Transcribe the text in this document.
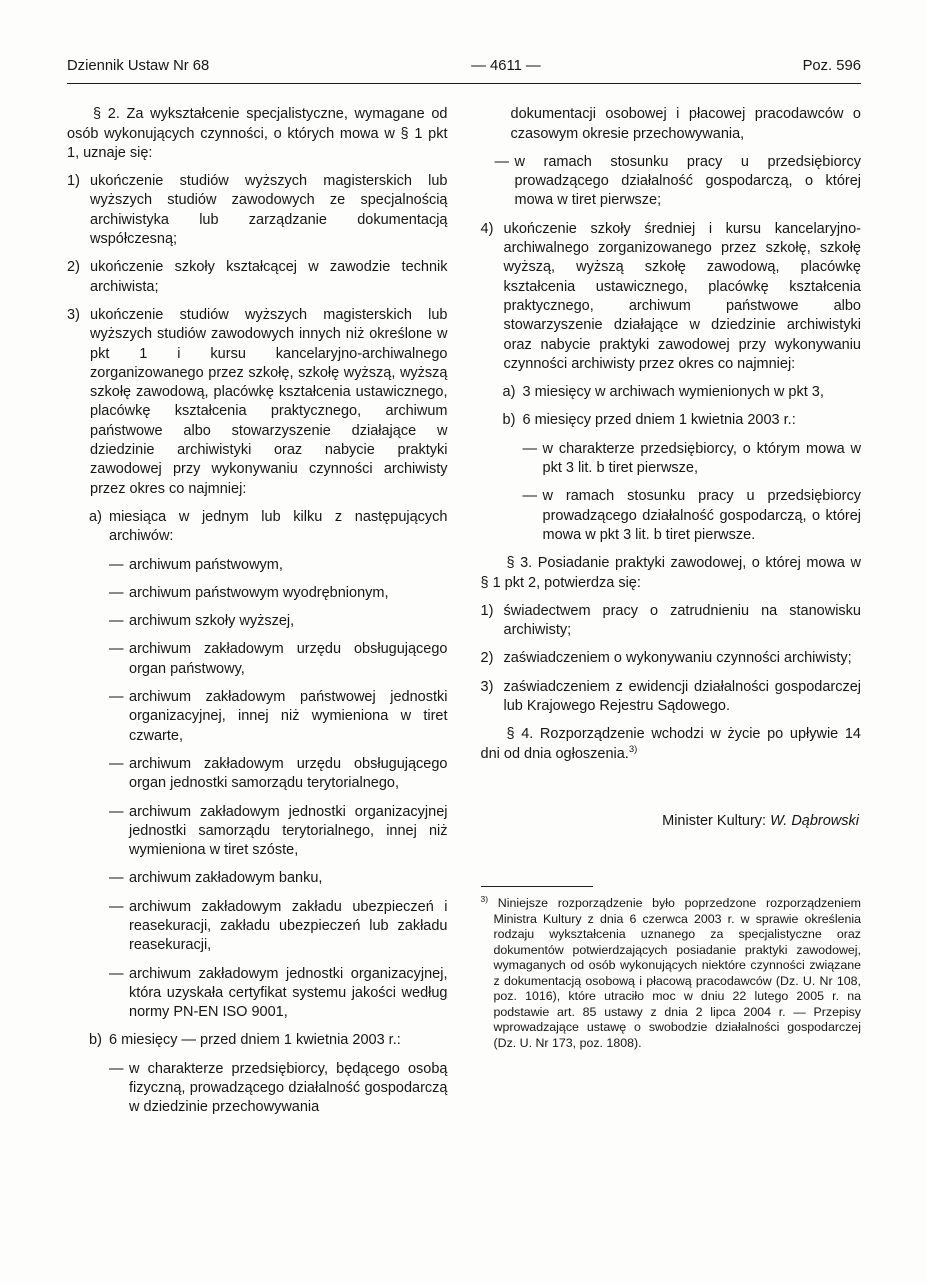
Dziennik Ustaw Nr 68	— 4611 —	Poz. 596

§ 2. Za wykształcenie specjalistyczne, wymagane od osób wykonujących czynności, o których mowa w § 1 pkt 1, uznaje się:

1) ukończenie studiów wyższych magisterskich lub wyższych studiów zawodowych ze specjalnością archiwistyka lub zarządzanie dokumentacją współczesną;
2) ukończenie szkoły kształcącej w zawodzie technik archiwista;
3) ukończenie studiów wyższych magisterskich lub wyższych studiów zawodowych innych niż określone w pkt 1 i kursu kancelaryjno-archiwalnego zorganizowanego przez szkołę, szkołę wyższą, wyższą szkołę zawodową, placówkę kształcenia ustawicznego, placówkę kształcenia praktycznego, archiwum państwowe albo stowarzyszenie działające w dziedzinie archiwistyki oraz nabycie praktyki zawodowej przy wykonywaniu czynności archiwisty przez okres co najmniej:
a) miesiąca w jednym lub kilku z następujących archiwów:
— archiwum państwowym,
— archiwum państwowym wyodrębnionym,
— archiwum szkoły wyższej,
— archiwum zakładowym urzędu obsługującego organ państwowy,
— archiwum zakładowym państwowej jednostki organizacyjnej, innej niż wymieniona w tiret czwarte,
— archiwum zakładowym urzędu obsługującego organ jednostki samorządu terytorialnego,
— archiwum zakładowym jednostki organizacyjnej jednostki samorządu terytorialnego, innej niż wymieniona w tiret szóste,
— archiwum zakładowym banku,
— archiwum zakładowym zakładu ubezpieczeń i reasekuracji, zakładu ubezpieczeń lub zakładu reasekuracji,
— archiwum zakładowym jednostki organizacyjnej, która uzyskała certyfikat systemu jakości według normy PN-EN ISO 9001,
b) 6 miesięcy — przed dniem 1 kwietnia 2003 r.:
— w charakterze przedsiębiorcy, będącego osobą fizyczną, prowadzącego działalność gospodarczą w dziedzinie przechowywania

dokumentacji osobowej i płacowej pracodawców o czasowym okresie przechowywania,

— w ramach stosunku pracy u przedsiębiorcy prowadzącego działalność gospodarczą, o której mowa w tiret pierwsze;
4) ukończenie szkoły średniej i kursu kancelaryjno-archiwalnego zorganizowanego przez szkołę, szkołę wyższą, wyższą szkołę zawodową, placówkę kształcenia ustawicznego, placówkę kształcenia praktycznego, archiwum państwowe albo stowarzyszenie działające w dziedzinie archiwistyki oraz nabycie praktyki zawodowej przy wykonywaniu czynności archiwisty przez okres co najmniej:
a) 3 miesięcy w archiwach wymienionych w pkt 3,
b) 6 miesięcy przed dniem 1 kwietnia 2003 r.:
— w charakterze przedsiębiorcy, o którym mowa w pkt 3 lit. b tiret pierwsze,
— w ramach stosunku pracy u przedsiębiorcy prowadzącego działalność gospodarczą, o której mowa w pkt 3 lit. b tiret pierwsze.

§ 3. Posiadanie praktyki zawodowej, o której mowa w § 1 pkt 2, potwierdza się:

1) świadectwem pracy o zatrudnieniu na stanowisku archiwisty;
2) zaświadczeniem o wykonywaniu czynności archiwisty;
3) zaświadczeniem z ewidencji działalności gospodarczej lub Krajowego Rejestru Sądowego.

§ 4. Rozporządzenie wchodzi w życie po upływie 14 dni od dnia ogłoszenia.$^{3)}$

Minister Kultury: W. Dąbrowski

$^{3)}$ Niniejsze rozporządzenie było poprzedzone rozporządzeniem Ministra Kultury z dnia 6 czerwca 2003 r. w sprawie określenia rodzaju wykształcenia uznanego za specjalistyczne oraz dokumentów potwierdzających posiadanie praktyki zawodowej, wymaganych od osób wykonujących niektóre czynności związane z dokumentacją osobową i płacową pracodawców (Dz. U. Nr 108, poz. 1016), które utraciło moc w dniu 22 lutego 2005 r. na podstawie art. 85 ustawy z dnia 2 lipca 2004 r. — Przepisy wprowadzające ustawę o swobodzie działalności gospodarczej (Dz. U. Nr 173, poz. 1808).
